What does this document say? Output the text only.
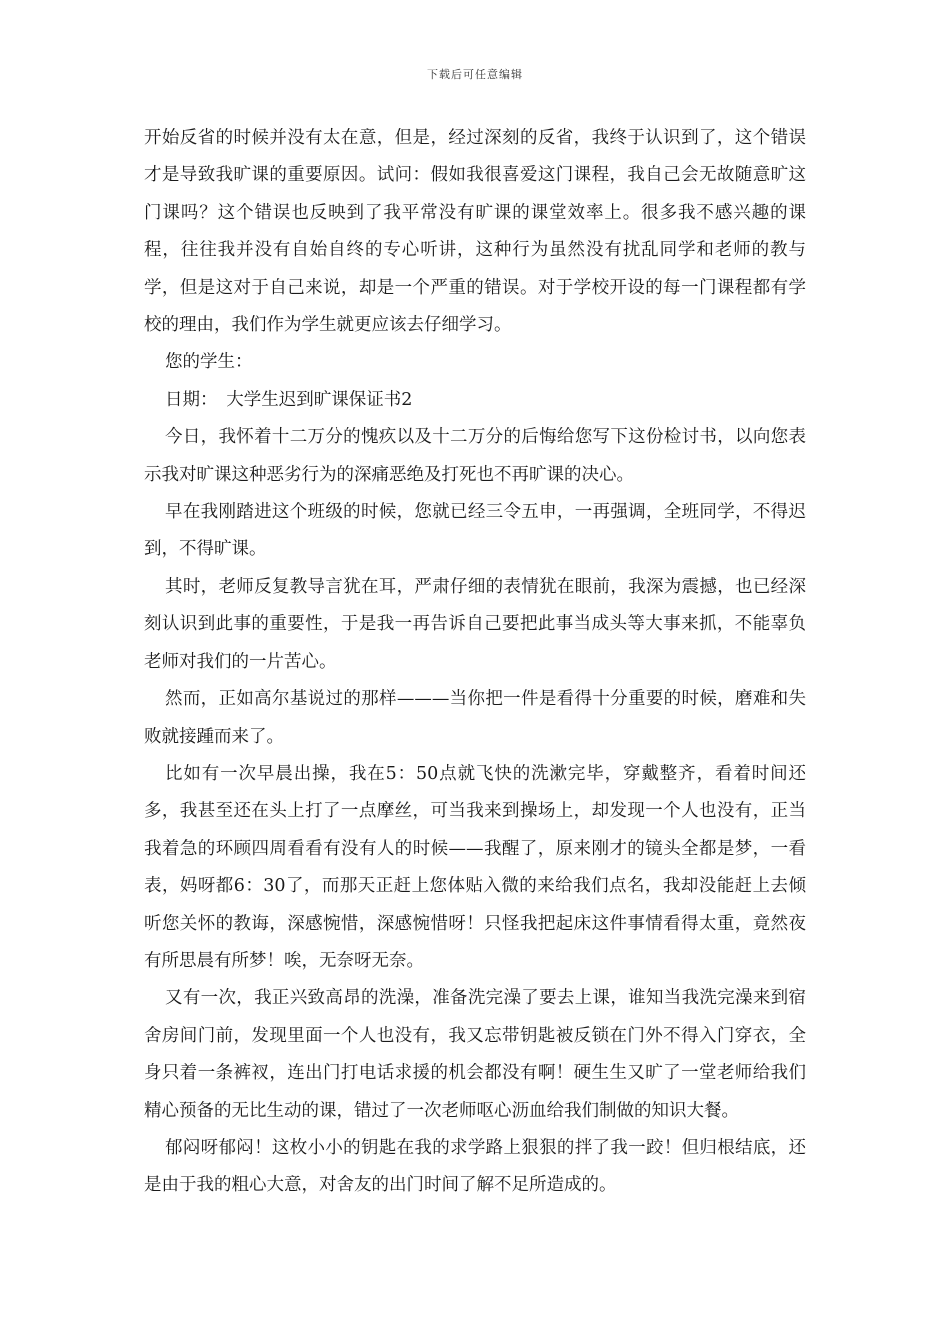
下载后可任意编辑

开始反省的时候并没有太在意，但是，经过深刻的反省，我终于认识到了，这个错误才是导致我旷课的重要原因。试问：假如我很喜爱这门课程，我自己会无故随意旷这门课吗？这个错误也反映到了我平常没有旷课的课堂效率上。很多我不感兴趣的课程，往往我并没有自始自终的专心听讲，这种行为虽然没有扰乱同学和老师的教与学，但是这对于自己来说，却是一个严重的错误。对于学校开设的每一门课程都有学校的理由，我们作为学生就更应该去仔细学习。

您的学生：

日期：　大学生迟到旷课保证书2

今日，我怀着十二万分的愧疚以及十二万分的后悔给您写下这份检讨书，以向您表示我对旷课这种恶劣行为的深痛恶绝及打死也不再旷课的决心。

早在我刚踏进这个班级的时候，您就已经三令五申，一再强调，全班同学，不得迟到，不得旷课。

其时，老师反复教导言犹在耳，严肃仔细的表情犹在眼前，我深为震撼，也已经深刻认识到此事的重要性，于是我一再告诉自己要把此事当成头等大事来抓，不能辜负老师对我们的一片苦心。

然而，正如高尔基说过的那样———当你把一件是看得十分重要的时候，磨难和失败就接踵而来了。

比如有一次早晨出操，我在5：50点就飞快的洗漱完毕，穿戴整齐，看着时间还多，我甚至还在头上打了一点摩丝，可当我来到操场上，却发现一个人也没有，正当我着急的环顾四周看看有没有人的时候——我醒了，原来刚才的镜头全都是梦，一看表，妈呀都6：30了，而那天正赶上您体贴入微的来给我们点名，我却没能赶上去倾听您关怀的教诲，深感惋惜，深感惋惜呀！只怪我把起床这件事情看得太重，竟然夜有所思晨有所梦！唉，无奈呀无奈。

又有一次，我正兴致高昂的洗澡，准备洗完澡了要去上课，谁知当我洗完澡来到宿舍房间门前，发现里面一个人也没有，我又忘带钥匙被反锁在门外不得入门穿衣，全身只着一条裤衩，连出门打电话求援的机会都没有啊！硬生生又旷了一堂老师给我们精心预备的无比生动的课，错过了一次老师呕心沥血给我们制做的知识大餐。

郁闷呀郁闷！这枚小小的钥匙在我的求学路上狠狠的拌了我一跤！但归根结底，还是由于我的粗心大意，对舍友的出门时间了解不足所造成的。
